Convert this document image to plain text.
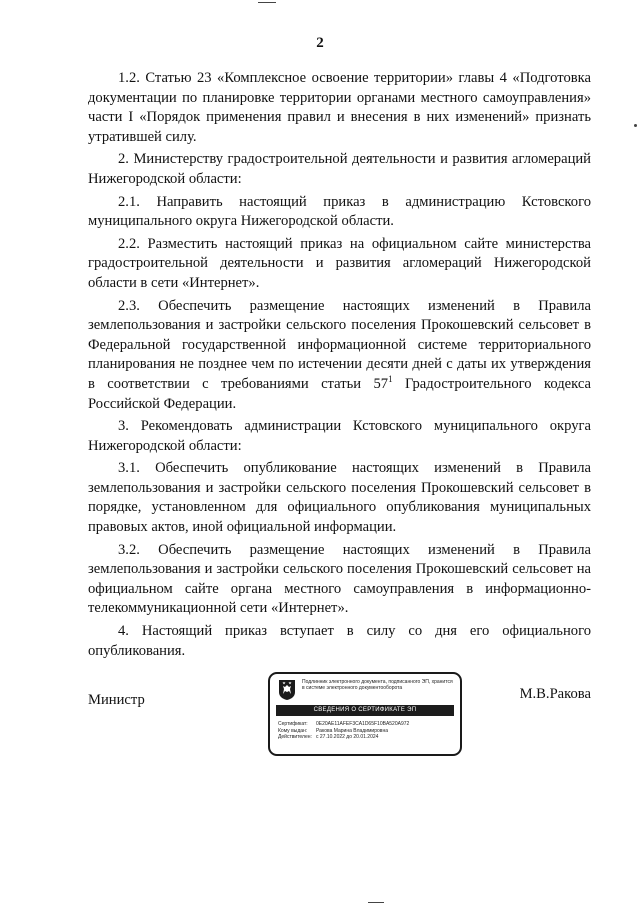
2

1.2. Статью 23 «Комплексное освоение территории» главы 4 «Подготовка документации по планировке территории органами местного самоуправления» части I «Порядок применения правил и внесения в них изменений» признать утратившей силу.

2. Министерству градостроительной деятельности и развития агломераций Нижегородской области:

2.1. Направить настоящий приказ в администрацию Кстовского муниципального округа Нижегородской области.

2.2. Разместить настоящий приказ на официальном сайте министерства градостроительной деятельности и развития агломераций Нижегородской области в сети «Интернет».

2.3. Обеспечить размещение настоящих изменений в Правила землепользования и застройки сельского поселения Прокошевский сельсовет в Федеральной государственной информационной системе территориального планирования не позднее чем по истечении десяти дней с даты их утверждения в соответствии с требованиями статьи $57^1$ Градостроительного кодекса Российской Федерации.

3. Рекомендовать администрации Кстовского муниципального округа Нижегородской области:

3.1. Обеспечить опубликование настоящих изменений в Правила землепользования и застройки сельского поселения Прокошевский сельсовет в порядке, установленном для официального опубликования муниципальных правовых актов, иной официальной информации.

3.2. Обеспечить размещение настоящих изменений в Правила землепользования и застройки сельского поселения Прокошевский сельсовет на официальном сайте органа местного самоуправления в информационно-телекоммуникационной сети «Интернет».

4. Настоящий приказ вступает в силу со дня его официального опубликования.

Министр
Подлинник электронного документа, подписанного ЭП, хранится в системе электронного документооборота
СВЕДЕНИЯ О СЕРТИФИКАТЕ ЭП
Сертификат: 0E20AE11AFEF3CA1D65F10BA520A972
Кому выдан: Ракова Марина Владимировна
Действителен: с 27.10.2022 до 20.01.2024
М.В.Ракова
